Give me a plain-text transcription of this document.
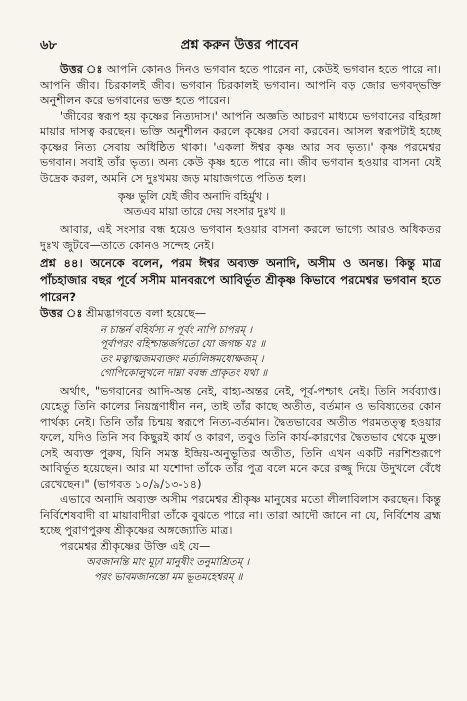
৬৮	প্রশ্ন করুন উত্তর পাবেন

উত্তর ঃ আপনি কোনও দিনও ভগবান হতে পারেন না, কেউই ভগবান হতে পারে না। আপনি জীব। চিরকালই জীব। ভগবান চিরকালই ভগবান। আপনি বড় জোর ভগবদ্‌ভক্তি অনুশীলন করে ভগবানের ভক্ত হতে পারেন।

'জীবের স্বরূপ হয় কৃষ্ণের নিত্যদাস।' আপনি অজ্ঞতি আচরণ মাধ্যমে ভগবানের বহিরঙ্গা মায়ার দাসত্ব করছেন। ভক্তি অনুশীলন করলে কৃষ্ণের সেবা করবেন। আসল স্বরূপটাই হচ্ছে কৃষ্ণের নিত্য সেবায় অধিষ্ঠিত থাকা। 'একলা ঈশ্বর কৃষ্ণ আর সব ভৃত্য।' কৃষ্ণ পরমেশ্বর ভগবান। সবাই তাঁর ভৃত্য। অন্য কেউ কৃষ্ণ হতে পারে না। জীব ভগবান হওয়ার বাসনা যেই উদ্রেক করল, অমনি সে দুঃখময় জড় মায়াজগতে পতিত হল।

কৃষ্ণ ভুলি যেই জীব অনাদি বহির্মুখ ।
অতএব মায়া তারে দেয় সংসার দুঃখ ॥

আবার, এই সংসার বন্ধ হয়েও ভগবান হওয়ার বাসনা করলে ভাগ্যে আরও অধিকতর দুঃখ জুটবে—তাতে কোনও সন্দেহ নেই।

প্রশ্ন ৪৪। অনেকে বলেন, পরম ঈশ্বর অব্যক্ত অনাদি, অসীম ও অনন্ত। কিন্তু মাত্র পাঁচহাজার বছর পূর্বে সসীম মানবরূপে আবির্ভূত শ্রীকৃষ্ণ কিভাবে পরমেশ্বর ভগবান হতে পারেন?

উত্তর ঃ শ্রীমদ্ভাগবতে বলা হয়েছে—

ন চান্তর্ন বহির্যস্য ন পূর্বং নাপি চাপরম্ ।
পূর্বাপরং বহিশ্চান্তর্জগতো যো জগচ্চ যঃ ॥
তং মত্বাত্মজমব্যক্তং মর্ত্যলিঙ্গমধোক্ষজম্ ।
গোপিকোলুখলে দাম্না ববন্ধ প্রাকৃতং যথা ॥

অর্থাৎ, "ভগবানের আদি-অন্ত নেই, বাহ্য-অন্তর নেই, পূর্ব-পশ্চাৎ নেই। তিনি সর্বব্যাপ্ত। যেহেতু তিনি কালের নিয়ন্ত্রণাধীন নন, তাই তাঁর কাছে অতীত, বর্তমান ও ভবিষ্যতের কোন পার্থক্য নেই। তিনি তাঁর চিন্ময় স্বরূপে নিত্য-বর্তমান। দ্বৈতভাবের অতীত পরমতত্ত্ব হওয়ার ফলে, যদিও তিনি সব কিছুরই কার্য ও কারণ, তবুও তিনি কার্য-কারণের দ্বৈতভাব থেকে মুক্ত। সেই অব্যক্ত পুরুষ, যিনি সমস্ত ইন্দ্রিয়-অনুভূতির অতীত, তিনি এখন একটি নরশিশুরূপে আবির্ভূত হয়েছেন। আর মা যশোদা তাঁকে তাঁর পুত্র বলে মনে করে রজ্জু দিয়ে উদুখলে বেঁধে রেখেছেন।" (ভাগবত ১০/৯/১৩-১৪)

এভাবে অনাদি অব্যক্ত অসীম পরমেশ্বর শ্রীকৃষ্ণ মানুষের মতো লীলাবিলাস করছেন। কিন্তু নির্বিশেষবাদী বা মায়াবাদীরা তাঁকে বুঝতে পারে না। তারা আদৌ জানে না যে, নির্বিশেষ ব্রহ্ম হচ্ছে পুরাণপুরুষ শ্রীকৃষ্ণের অঙ্গজ্যোতি মাত্র।

পরমেশ্বর শ্রীকৃষ্ণের উক্তি এই যে—

অবজানন্তি মাং মূঢ়া মানুষীং তনুমাশ্রিতম্ ।
পরং ভাবমজানন্তো মম ভূতমহেশ্বরম্ ॥
